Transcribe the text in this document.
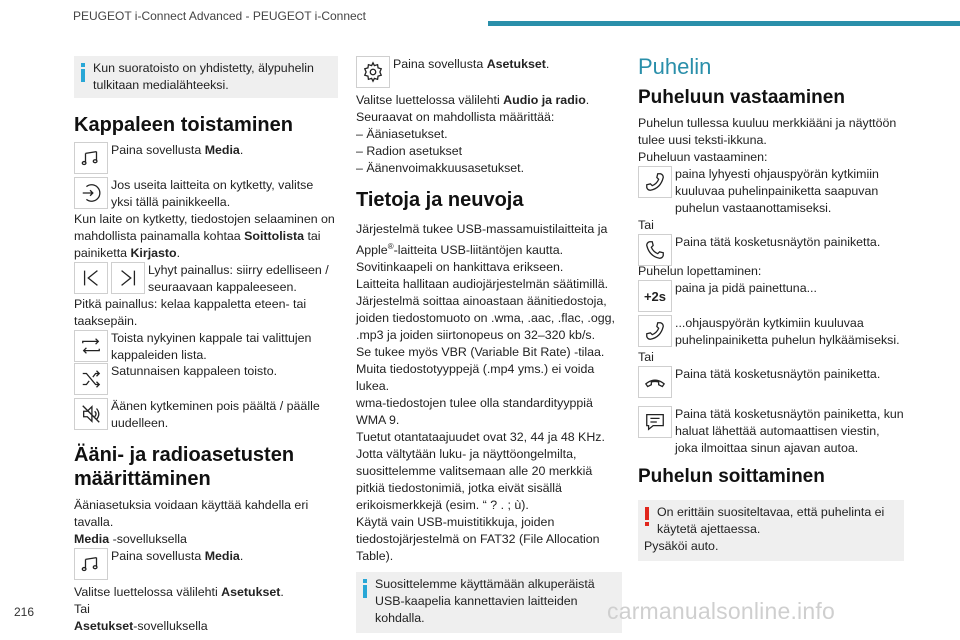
PEUGEOT i-Connect Advanced - PEUGEOT i-Connect

Kun suoratoisto on yhdistetty, älypuhelin tulkitaan medialähteeksi.

Kappaleen toistaminen

Paina sovellusta Media.

Jos useita laitteita on kytketty, valitse yksi tällä painikkeella.

Kun laite on kytketty, tiedostojen selaaminen on mahdollista painamalla kohtaa Soittolista tai painiketta Kirjasto.

Lyhyt painallus: siirry edelliseen / seuraavaan kappaleeseen.

Pitkä painallus: kelaa kappaletta eteen- tai taaksepäin.

Toista nykyinen kappale tai valittujen kappaleiden lista.

Satunnaisen kappaleen toisto.

Äänen kytkeminen pois päältä / päälle uudelleen.

Ääni- ja radioasetusten määrittäminen

Ääniasetuksia voidaan käyttää kahdella eri tavalla.

Media -sovelluksella

Paina sovellusta Media.

Valitse luettelossa välilehti Asetukset.

Tai

Asetukset-sovelluksella

Paina sovellusta Asetukset.

Valitse luettelossa välilehti Audio ja radio.

Seuraavat on mahdollista määrittää:

– Ääniasetukset.

– Radion asetukset

– Äänenvoimakkuusasetukset.

Tietoja ja neuvoja

Järjestelmä tukee USB-massamuistilaitteita ja Apple®-laitteita USB-liitäntöjen kautta.

Sovitinkaapeli on hankittava erikseen.

Laitteita hallitaan audiojärjestelmän säätimillä.

Järjestelmä soittaa ainoastaan äänitiedostoja, joiden tiedostomuoto on .wma, .aac, .flac, .ogg, .mp3 ja joiden siirtonopeus on 32–320 kb/s.

Se tukee myös VBR (Variable Bit Rate) -tilaa.

Muita tiedostotyyppejä (.mp4 yms.) ei voida lukea.

wma-tiedostojen tulee olla standardityyppiä WMA 9.

Tuetut otantataajuudet ovat 32, 44 ja 48 KHz.

Jotta vältytään luku- ja näyttöongelmilta, suosittelemme valitsemaan alle 20 merkkiä pitkiä tiedostonimiä, jotka eivät sisällä erikoismerkkejä (esim. “ ? . ; ù).

Käytä vain USB-muistitikkuja, joiden tiedostojärjestelmä on FAT32 (File Allocation Table).

Suosittelemme käyttämään alkuperäistä USB-kaapelia kannettavien laitteiden kohdalla.

Puhelin
Puheluun vastaaminen

Puhelun tullessa kuuluu merkkiääni ja näyttöön tulee uusi teksti-ikkuna.

Puheluun vastaaminen:

paina lyhyesti ohjauspyörän kytkimiin kuuluvaa puhelinpainiketta saapuvan puhelun vastaanottamiseksi.

Tai

Paina tätä kosketusnäytön painiketta.

Puhelun lopettaminen:

+2s

paina ja pidä painettuna...

...ohjauspyörän kytkimiin kuuluvaa puhelinpainiketta puhelun hylkäämiseksi.

Tai

Paina tätä kosketusnäytön painiketta.

Paina tätä kosketusnäytön painiketta, kun haluat lähettää automaattisen viestin, joka ilmoittaa sinun ajavan autoa.

Puhelun soittaminen

On erittäin suositeltavaa, että puhelinta ei käytetä ajettaessa.

Pysäköi auto.

216	carmanualsonline.info
